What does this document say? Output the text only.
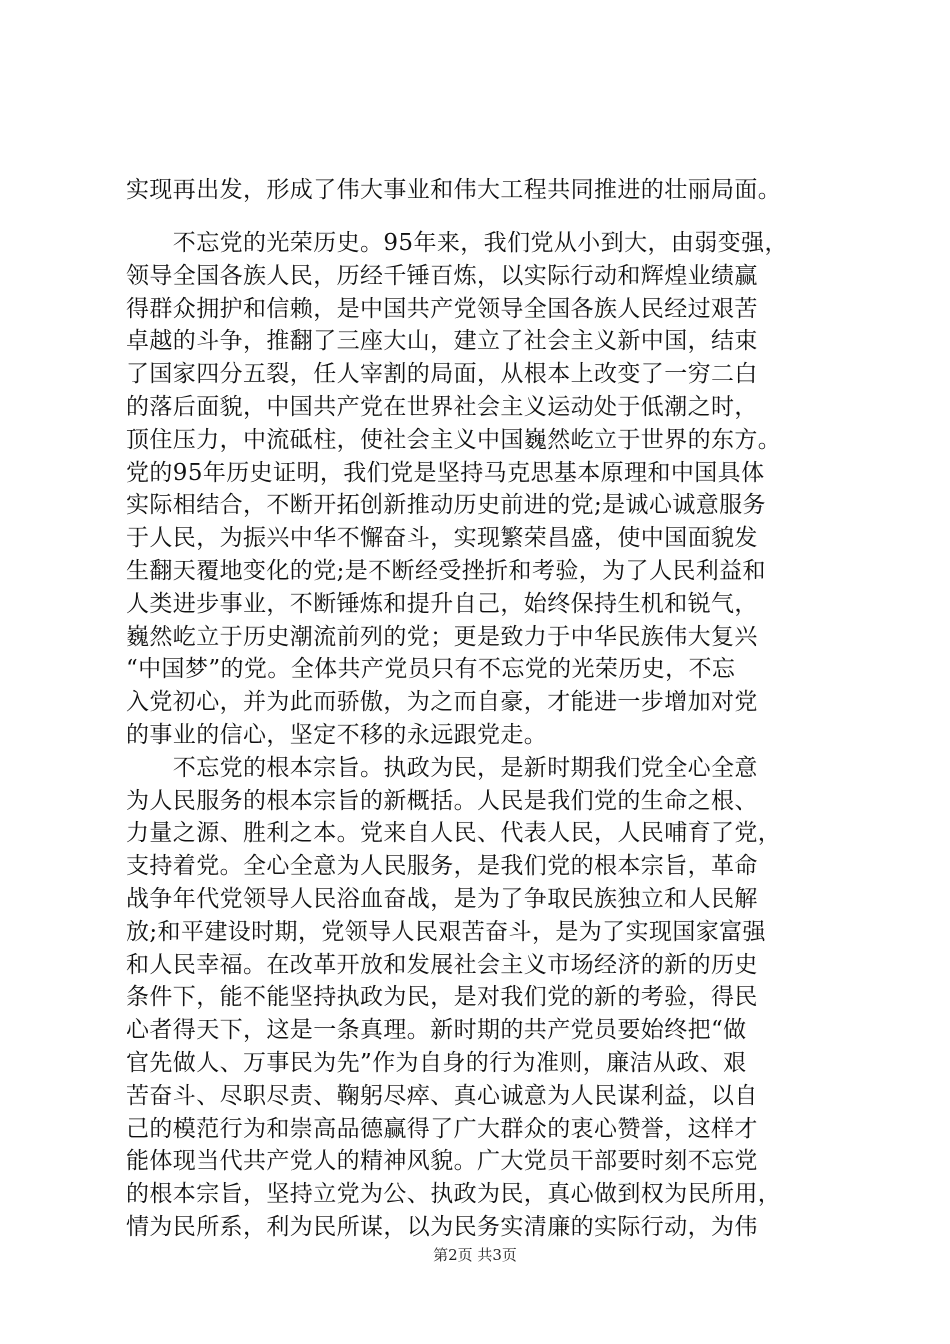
实现再出发，形成了伟大事业和伟大工程共同推进的壮丽局面。
　　不忘党的光荣历史。95年来，我们党从小到大，由弱变强，
领导全国各族人民，历经千锤百炼，以实际行动和辉煌业绩赢
得群众拥护和信赖，是中国共产党领导全国各族人民经过艰苦
卓越的斗争，推翻了三座大山，建立了社会主义新中国，结束
了国家四分五裂，任人宰割的局面，从根本上改变了一穷二白
的落后面貌，中国共产党在世界社会主义运动处于低潮之时，
顶住压力，中流砥柱，使社会主义中国巍然屹立于世界的东方。
党的95年历史证明，我们党是坚持马克思基本原理和中国具体
实际相结合，不断开拓创新推动历史前进的党;是诚心诚意服务
于人民，为振兴中华不懈奋斗，实现繁荣昌盛，使中国面貌发
生翻天覆地变化的党;是不断经受挫折和考验，为了人民利益和
人类进步事业，不断锤炼和提升自己，始终保持生机和锐气，
巍然屹立于历史潮流前列的党；更是致力于中华民族伟大复兴
“中国梦”的党。全体共产党员只有不忘党的光荣历史，不忘
入党初心，并为此而骄傲，为之而自豪，才能进一步增加对党
的事业的信心，坚定不移的永远跟党走。
　　不忘党的根本宗旨。执政为民，是新时期我们党全心全意
为人民服务的根本宗旨的新概括。人民是我们党的生命之根、
力量之源、胜利之本。党来自人民、代表人民，人民哺育了党，
支持着党。全心全意为人民服务，是我们党的根本宗旨，革命
战争年代党领导人民浴血奋战，是为了争取民族独立和人民解
放;和平建设时期，党领导人民艰苦奋斗，是为了实现国家富强
和人民幸福。在改革开放和发展社会主义市场经济的新的历史
条件下，能不能坚持执政为民，是对我们党的新的考验，得民
心者得天下，这是一条真理。新时期的共产党员要始终把“做
官先做人、万事民为先”作为自身的行为准则，廉洁从政、艰
苦奋斗、尽职尽责、鞠躬尽瘁、真心诚意为人民谋利益，以自
己的模范行为和崇高品德赢得了广大群众的衷心赞誉，这样才
能体现当代共产党人的精神风貌。广大党员干部要时刻不忘党
的根本宗旨，坚持立党为公、执政为民，真心做到权为民所用，
情为民所系，利为民所谋，以为民务实清廉的实际行动，为伟
第2页 共3页
